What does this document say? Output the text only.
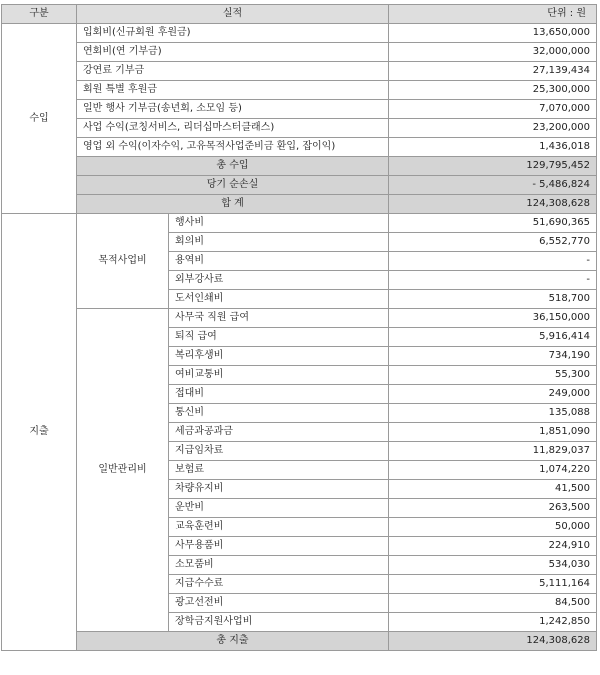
구분	실적		단위 : 원
수입	입회비(신규회원 후원금)		13,650,000
	연회비(연 기부금)		32,000,000
	강연료 기부금		27,139,434
	회원 특별 후원금		25,300,000
	일반 행사 기부금(송년회, 소모임 등)		7,070,000
	사업 수익(코칭서비스, 리더십마스터클래스)		23,200,000
	영업 외 수익(이자수익, 고유목적사업준비금 환입, 잡이익)		1,436,018
	총 수입		129,795,452
	당기 순손실		- 5,486,824
	합 계		124,308,628
지출	목적사업비	행사비	51,690,365
		회의비	6,552,770
		용역비	-
		외부강사료	-
		도서인쇄비	518,700
	일반관리비	사무국 직원 급여	36,150,000
		퇴직 급여	5,916,414
		복리후생비	734,190
		여비교통비	55,300
		접대비	249,000
		통신비	135,088
		세금과공과금	1,851,090
		지급임차료	11,829,037
		보험료	1,074,220
		차량유지비	41,500
		운반비	263,500
		교육훈련비	50,000
		사무용품비	224,910
		소모품비	534,030
		지급수수료	5,111,164
		광고선전비	84,500
		장학금지원사업비	1,242,850
	총 지출		124,308,628
